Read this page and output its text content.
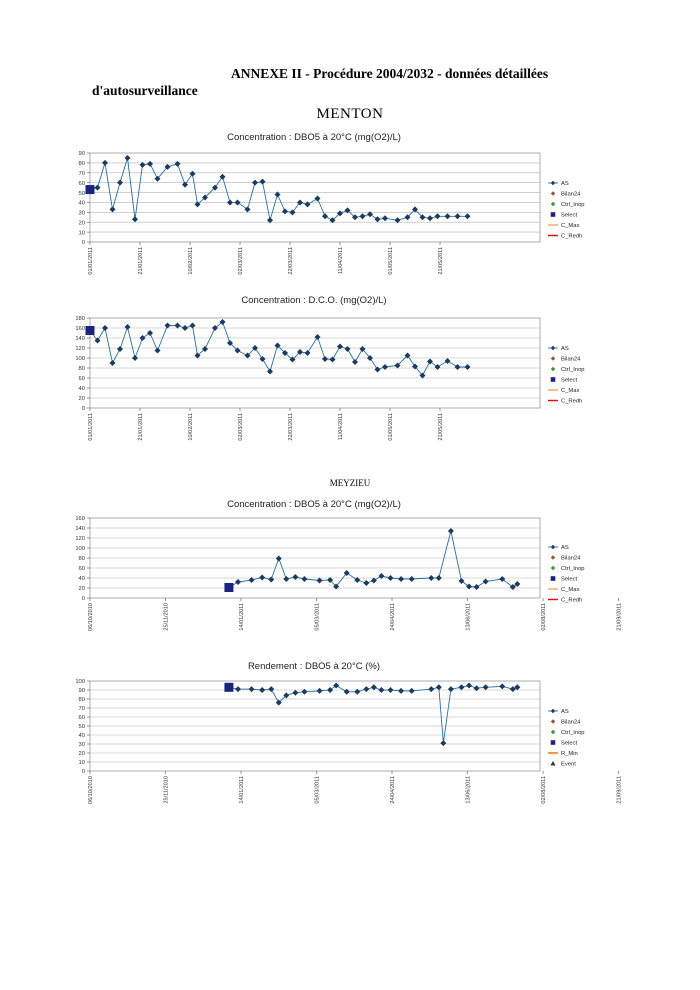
ANNEXE II - Procédure 2004/2032 - données détaillées
d'autosurveillance
MENTON
MEYZIEU
Concentration : DBO5 à 20°C (mg(O2)/L)
0
10
20
30
40
50
60
70
80
90
01/01/2011	21/01/2011	10/02/2011	02/03/2011	22/03/2011	11/04/2011	01/05/2011	21/05/2011
AS
Bilan24
Ctrl_Inop
Select
C_Max
C_Redh
Concentration : D.C.O. (mg(O2)/L)
0
20
40
60
80
100
120
140
160
180
01/01/2011	21/01/2011	10/02/2011	02/03/2011	22/03/2011	11/04/2011	01/05/2011	21/05/2011
AS
Bilan24
Ctrl_Inop
Select
C_Max
C_Redh
Concentration : DBO5 à 20°C (mg(O2)/L)
0
20
40
60
80
100
120
140
160
06/10/2010	25/11/2010	14/01/2011	05/03/2011	24/04/2011	13/06/2011	02/08/2011	21/09/2011
AS
Bilan24
Ctrl_Inop
Select
C_Max
C_Redh
Rendement : DBO5 à 20°C (%)
0
10
20
30
40
50
60
70
80
90
100
06/10/2010	25/11/2010	14/01/2011	05/03/2011	24/04/2011	13/06/2011	02/08/2011	21/09/2011
AS
Bilan24
Ctrl_Inop
Select
R_Min
Event
